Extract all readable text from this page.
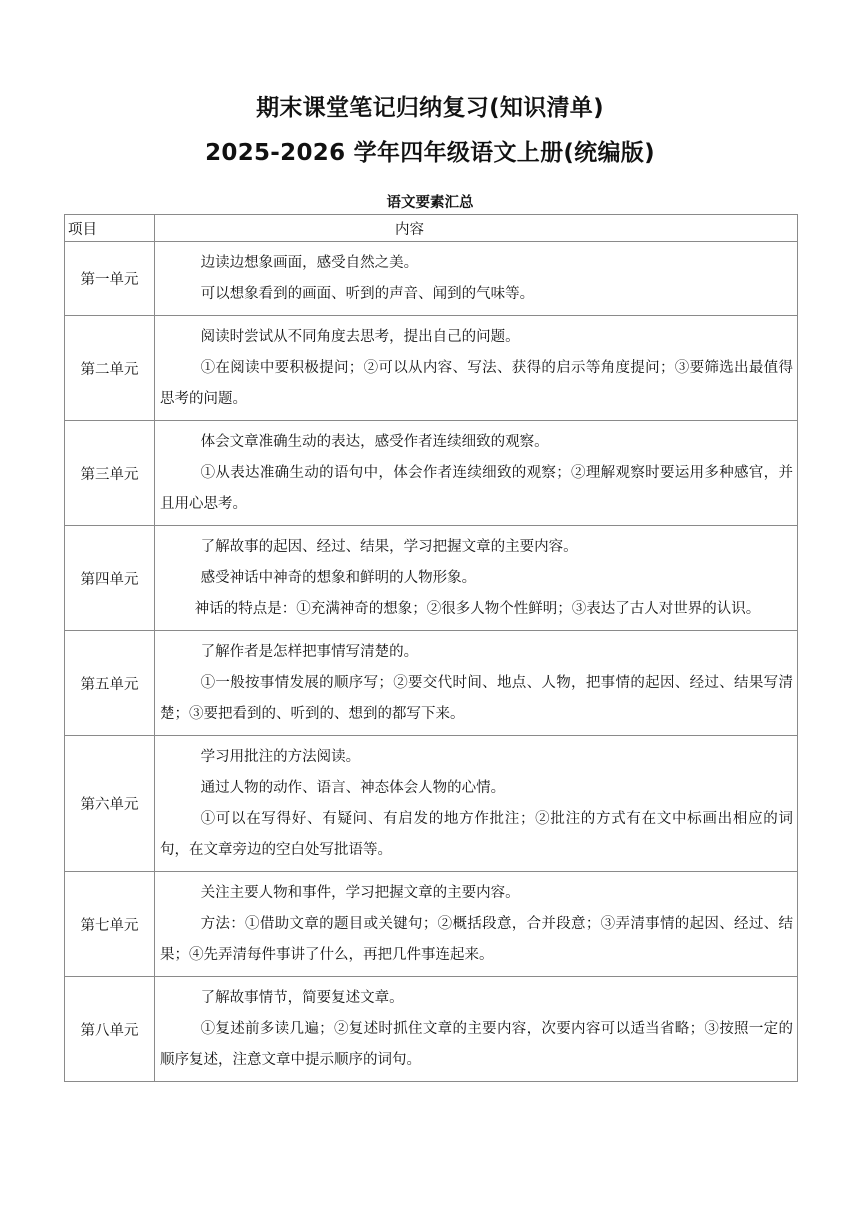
期末课堂笔记归纳复习(知识清单)
2025-2026 学年四年级语文上册(统编版)
语文要素汇总
项目	内容
第一单元	边读边想象画面，感受自然之美。

可以想象看到的画面、听到的声音、闻到的气味等。

第二单元	阅读时尝试从不同角度去思考，提出自己的问题。

①在阅读中要积极提问；②可以从内容、写法、获得的启示等角度提问；③要筛选出最值得思考的问题。

第三单元	体会文章准确生动的表达，感受作者连续细致的观察。

①从表达准确生动的语句中，体会作者连续细致的观察；②理解观察时要运用多种感官，并且用心思考。

第四单元	了解故事的起因、经过、结果，学习把握文章的主要内容。

感受神话中神奇的想象和鲜明的人物形象。

神话的特点是：①充满神奇的想象；②很多人物个性鲜明；③表达了古人对世界的认识。

第五单元	了解作者是怎样把事情写清楚的。

①一般按事情发展的顺序写；②要交代时间、地点、人物，把事情的起因、经过、结果写清楚；③要把看到的、听到的、想到的都写下来。

第六单元	学习用批注的方法阅读。

通过人物的动作、语言、神态体会人物的心情。

①可以在写得好、有疑问、有启发的地方作批注；②批注的方式有在文中标画出相应的词句，在文章旁边的空白处写批语等。

第七单元	关注主要人物和事件，学习把握文章的主要内容。

方法：①借助文章的题目或关键句；②概括段意，合并段意；③弄清事情的起因、经过、结果；④先弄清每件事讲了什么，再把几件事连起来。

第八单元	了解故事情节，简要复述文章。

①复述前多读几遍；②复述时抓住文章的主要内容，次要内容可以适当省略；③按照一定的顺序复述，注意文章中提示顺序的词句。
